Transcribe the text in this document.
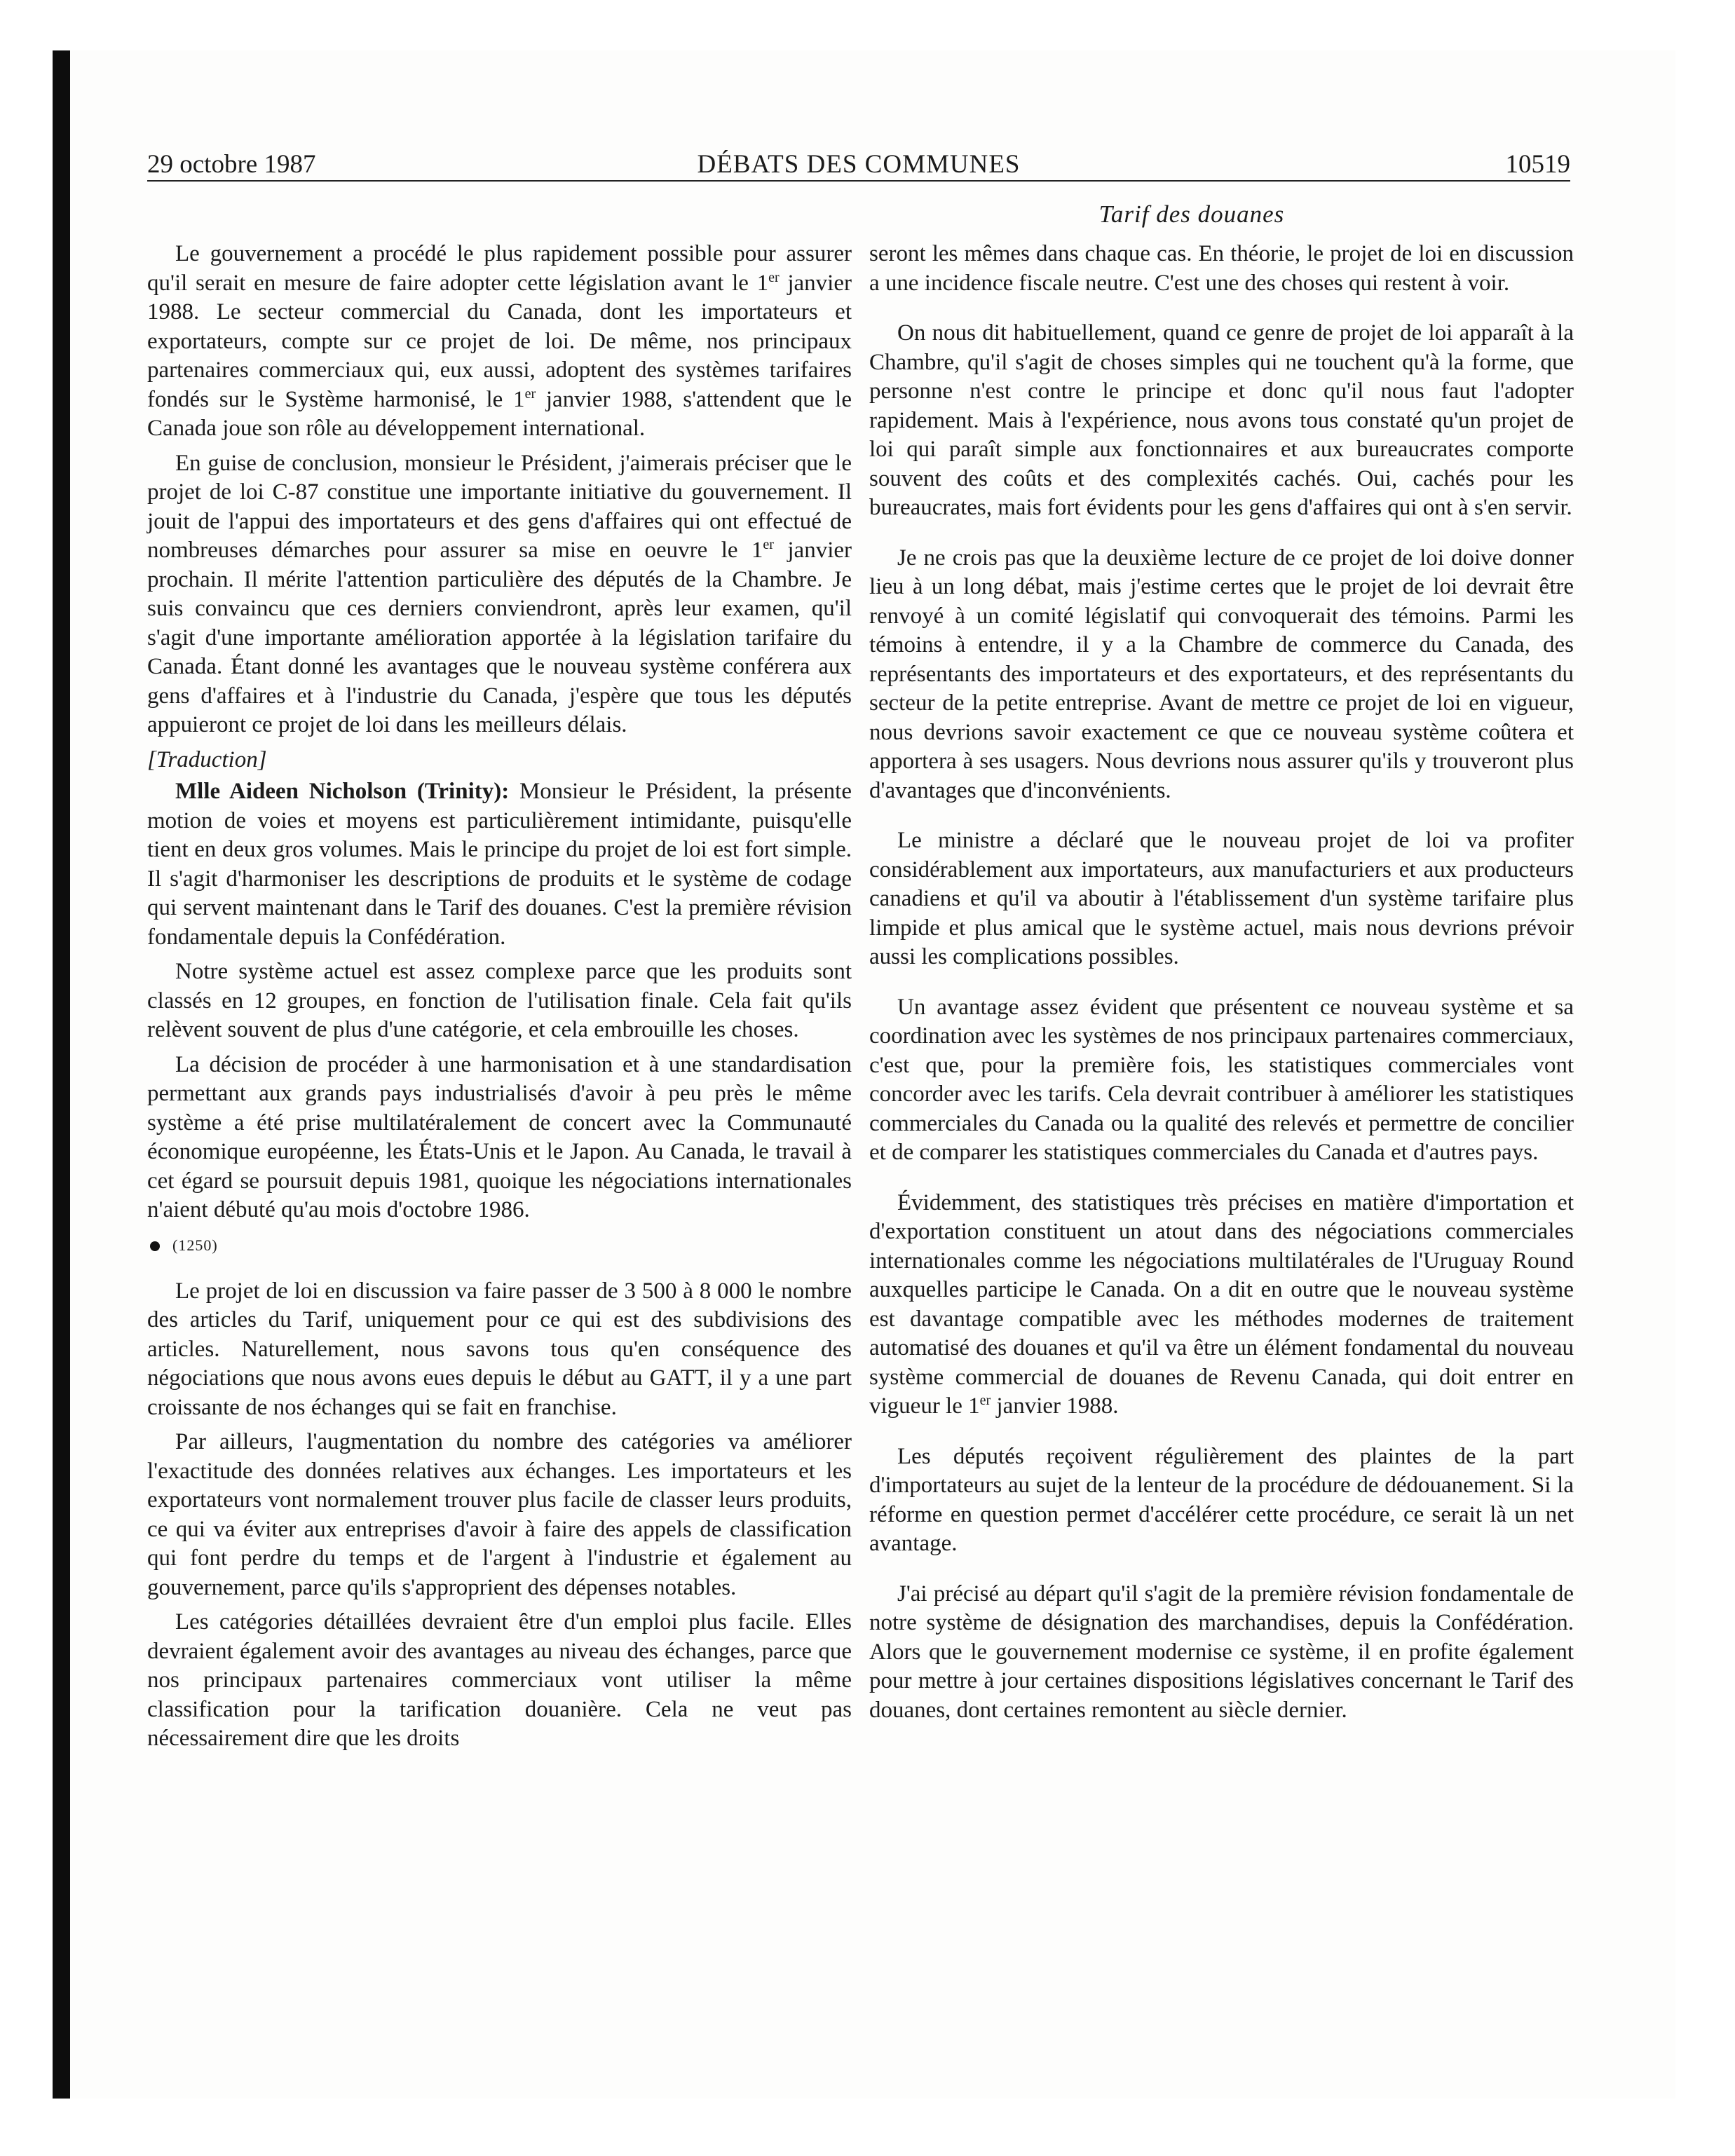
29 octobre 1987	DÉBATS DES COMMUNES	10519
Tarif des douanes

Le gouvernement a procédé le plus rapidement possible pour assurer qu'il serait en mesure de faire adopter cette législation avant le 1er janvier 1988. Le secteur commercial du Canada, dont les importateurs et exportateurs, compte sur ce projet de loi. De même, nos principaux partenaires commerciaux qui, eux aussi, adoptent des systèmes tarifaires fondés sur le Système harmonisé, le 1er janvier 1988, s'attendent que le Canada joue son rôle au développement international.

En guise de conclusion, monsieur le Président, j'aimerais préciser que le projet de loi C-87 constitue une importante initiative du gouvernement. Il jouit de l'appui des importateurs et des gens d'affaires qui ont effectué de nombreuses démarches pour assurer sa mise en oeuvre le 1er janvier prochain. Il mérite l'attention particulière des députés de la Chambre. Je suis convaincu que ces derniers conviendront, après leur examen, qu'il s'agit d'une importante amélioration apportée à la législation tarifaire du Canada. Étant donné les avantages que le nouveau système conférera aux gens d'affaires et à l'industrie du Canada, j'espère que tous les députés appuieront ce projet de loi dans les meilleurs délais.

[Traduction]

Mlle Aideen Nicholson (Trinity): Monsieur le Président, la présente motion de voies et moyens est particulièrement intimidante, puisqu'elle tient en deux gros volumes. Mais le principe du projet de loi est fort simple. Il s'agit d'harmoniser les descriptions de produits et le système de codage qui servent maintenant dans le Tarif des douanes. C'est la première révision fondamentale depuis la Confédération.

Notre système actuel est assez complexe parce que les produits sont classés en 12 groupes, en fonction de l'utilisation finale. Cela fait qu'ils relèvent souvent de plus d'une catégorie, et cela embrouille les choses.

La décision de procéder à une harmonisation et à une standardisation permettant aux grands pays industrialisés d'avoir à peu près le même système a été prise multilatéralement de concert avec la Communauté économique européenne, les États-Unis et le Japon. Au Canada, le travail à cet égard se poursuit depuis 1981, quoique les négociations internationales n'aient débuté qu'au mois d'octobre 1986.

(1250)

Le projet de loi en discussion va faire passer de 3 500 à 8 000 le nombre des articles du Tarif, uniquement pour ce qui est des subdivisions des articles. Naturellement, nous savons tous qu'en conséquence des négociations que nous avons eues depuis le début au GATT, il y a une part croissante de nos échanges qui se fait en franchise.

Par ailleurs, l'augmentation du nombre des catégories va améliorer l'exactitude des données relatives aux échanges. Les importateurs et les exportateurs vont normalement trouver plus facile de classer leurs produits, ce qui va éviter aux entreprises d'avoir à faire des appels de classification qui font perdre du temps et de l'argent à l'industrie et également au gouvernement, parce qu'ils s'approprient des dépenses notables.

Les catégories détaillées devraient être d'un emploi plus facile. Elles devraient également avoir des avantages au niveau des échanges, parce que nos principaux partenaires commerciaux vont utiliser la même classification pour la tarification douanière. Cela ne veut pas nécessairement dire que les droits

seront les mêmes dans chaque cas. En théorie, le projet de loi en discussion a une incidence fiscale neutre. C'est une des choses qui restent à voir.

On nous dit habituellement, quand ce genre de projet de loi apparaît à la Chambre, qu'il s'agit de choses simples qui ne touchent qu'à la forme, que personne n'est contre le principe et donc qu'il nous faut l'adopter rapidement. Mais à l'expérience, nous avons tous constaté qu'un projet de loi qui paraît simple aux fonctionnaires et aux bureaucrates comporte souvent des coûts et des complexités cachés. Oui, cachés pour les bureaucrates, mais fort évidents pour les gens d'affaires qui ont à s'en servir.

Je ne crois pas que la deuxième lecture de ce projet de loi doive donner lieu à un long débat, mais j'estime certes que le projet de loi devrait être renvoyé à un comité législatif qui convoquerait des témoins. Parmi les témoins à entendre, il y a la Chambre de commerce du Canada, des représentants des importateurs et des exportateurs, et des représentants du secteur de la petite entreprise. Avant de mettre ce projet de loi en vigueur, nous devrions savoir exactement ce que ce nouveau système coûtera et apportera à ses usagers. Nous devrions nous assurer qu'ils y trouveront plus d'avantages que d'inconvénients.

Le ministre a déclaré que le nouveau projet de loi va profiter considérablement aux importateurs, aux manufacturiers et aux producteurs canadiens et qu'il va aboutir à l'établissement d'un système tarifaire plus limpide et plus amical que le système actuel, mais nous devrions prévoir aussi les complications possibles.

Un avantage assez évident que présentent ce nouveau système et sa coordination avec les systèmes de nos principaux partenaires commerciaux, c'est que, pour la première fois, les statistiques commerciales vont concorder avec les tarifs. Cela devrait contribuer à améliorer les statistiques commerciales du Canada ou la qualité des relevés et permettre de concilier et de comparer les statistiques commerciales du Canada et d'autres pays.

Évidemment, des statistiques très précises en matière d'importation et d'exportation constituent un atout dans des négociations commerciales internationales comme les négociations multilatérales de l'Uruguay Round auxquelles participe le Canada. On a dit en outre que le nouveau système est davantage compatible avec les méthodes modernes de traitement automatisé des douanes et qu'il va être un élément fondamental du nouveau système commercial de douanes de Revenu Canada, qui doit entrer en vigueur le 1er janvier 1988.

Les députés reçoivent régulièrement des plaintes de la part d'importateurs au sujet de la lenteur de la procédure de dédouanement. Si la réforme en question permet d'accélérer cette procédure, ce serait là un net avantage.

J'ai précisé au départ qu'il s'agit de la première révision fondamentale de notre système de désignation des marchandises, depuis la Confédération. Alors que le gouvernement modernise ce système, il en profite également pour mettre à jour certaines dispositions législatives concernant le Tarif des douanes, dont certaines remontent au siècle dernier.
